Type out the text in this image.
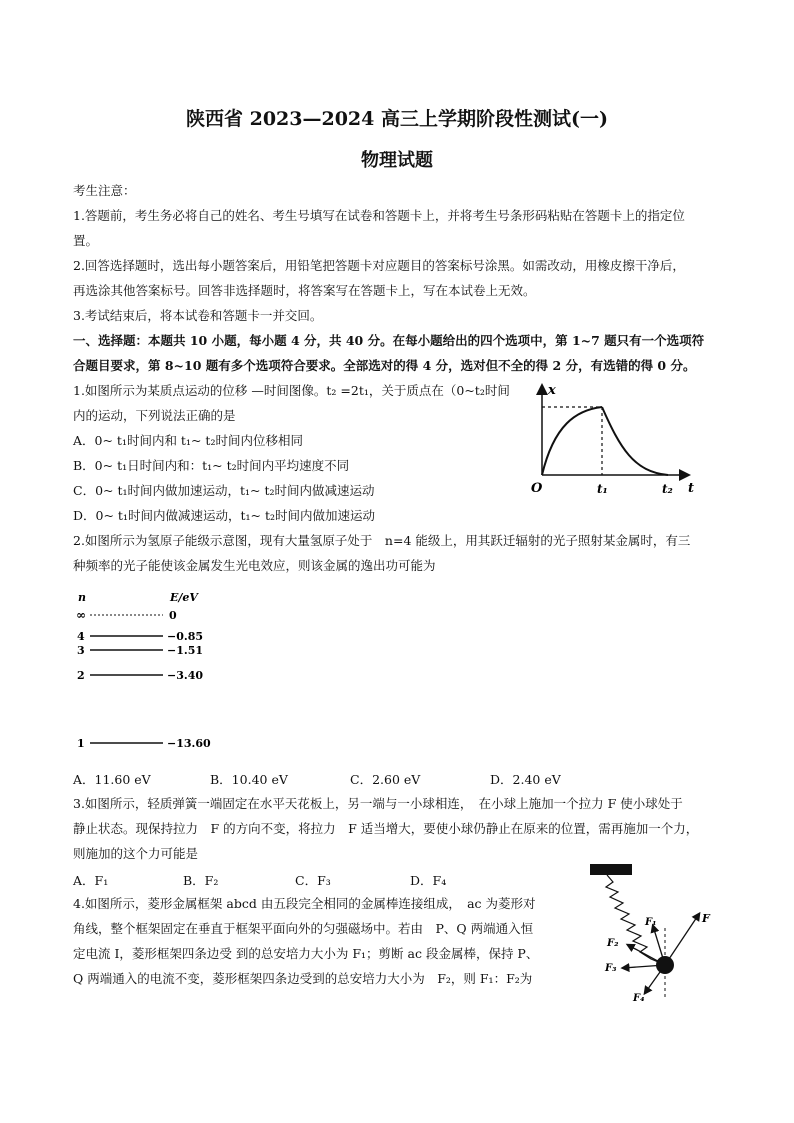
陕西省 2023—2024 高三上学期阶段性测试(一)
物理试题
考生注意：
1.答题前，考生务必将自己的姓名、考生号填写在试卷和答题卡上，并将考生号条形码粘贴在答题卡上的指定位
置。
2.回答选择题时，选出每小题答案后，用铅笔把答题卡对应题目的答案标号涂黑。如需改动，用橡皮擦干净后，
再选涂其他答案标号。回答非选择题时，将答案写在答题卡上，写在本试卷上无效。
3.考试结束后，将本试卷和答题卡一并交回。
一、选择题：本题共 10 小题，每小题 4 分，共 40 分。在每小题给出的四个选项中，第 1~7 题只有一个选项符
合题目要求，第 8~10 题有多个选项符合要求。全部选对的得 4 分，选对但不全的得 2 分，有选错的得 0 分。
1.如图所示为某质点运动的位移 —时间图像。t₂ =2t₁，关于质点在（0~t₂时间
内的运动，下列说法正确的是
A．0~ t₁时间内和 t₁~ t₂时间内位移相同
B．0~ t₁日时间内和：t₁~ t₂时间内平均速度不同
C．0~ t₁时间内做加速运动，t₁~ t₂时间内做减速运动
D．0~ t₁时间内做减速运动，t₁~ t₂时间内做加速运动
x
t
O	t₁	t₂
2.如图所示为氢原子能级示意图，现有大量氢原子处于　n=4 能级上，用其跃迁辐射的光子照射某金属时，有三
种频率的光子能使该金属发生光电效应，则该金属的逸出功可能为
n	E/eV
∞	0
4	−0.85
3	−1.51
2	−3.40
1	−13.60
A．11.60 eV	B．10.40 eV	C．2.60 eV	D．2.40 eV
3.如图所示，轻质弹簧一端固定在水平天花板上，另一端与一小球相连，　在小球上施加一个拉力 F 使小球处于
静止状态。现保持拉力　F 的方向不变，将拉力　F 适当增大，要使小球仍静止在原来的位置，需再施加一个力，
则施加的这个力可能是
A．F₁	B．F₂	C．F₃	D．F₄
F
F₁
F₂
F₃
F₄
4.如图所示，菱形金属框架 abcd 由五段完全相同的金属棒连接组成，　ac 为菱形对
角线，整个框架固定在垂直于框架平面向外的匀强磁场中。若由　P、Q 两端通入恒
定电流 I，菱形框架四条边受 到的总安培力大小为 F₁；剪断 ac 段金属棒，保持 P、
Q 两端通入的电流不变，菱形框架四条边受到的总安培力大小为　F₂，则 F₁：F₂为
